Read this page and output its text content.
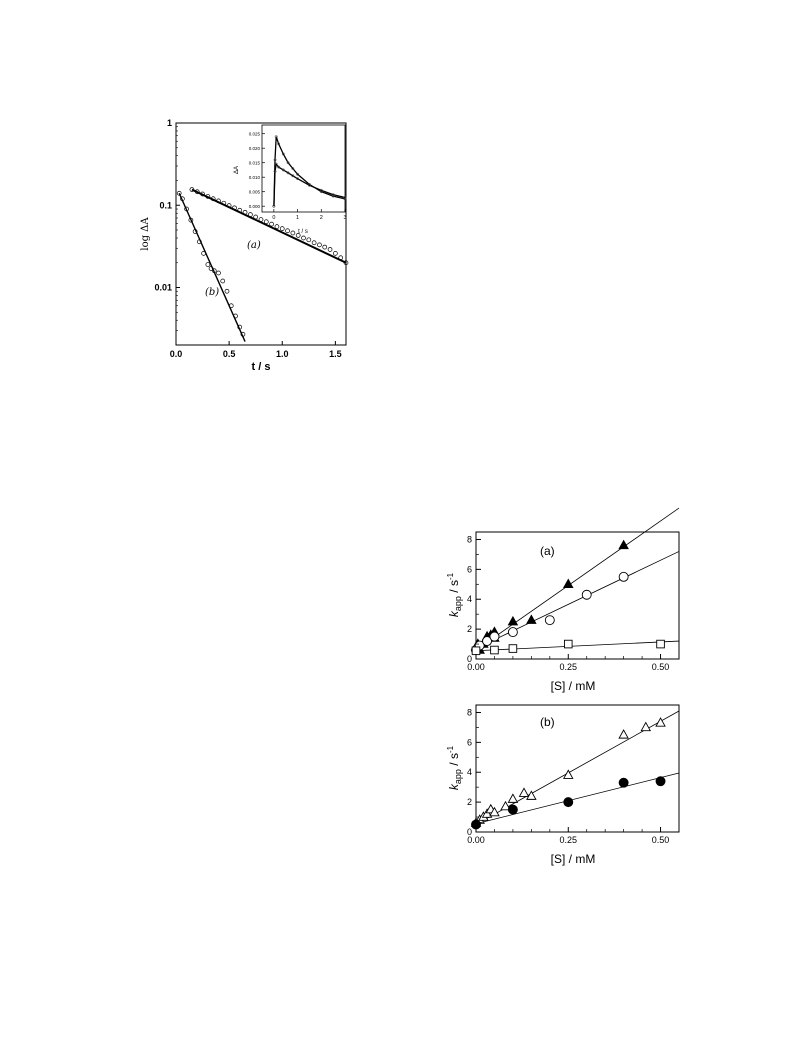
0.0	0.5	1.0	1.5
1
0.1
0.01
(a)
(b)
t / s
log ΔA	0	1	2	3
0.025
0.020
0.015
0.010
0.005
0.000
t / s
ΔA
0.00	0.25	0.50
0
2
4
6
8
(a)
[S] / mM
$k_{app} / s^{-1}$
0.00	0.25	0.50
0
2
4
6
8
(b)
[S] / mM
$k_{app} / s^{-1}$
